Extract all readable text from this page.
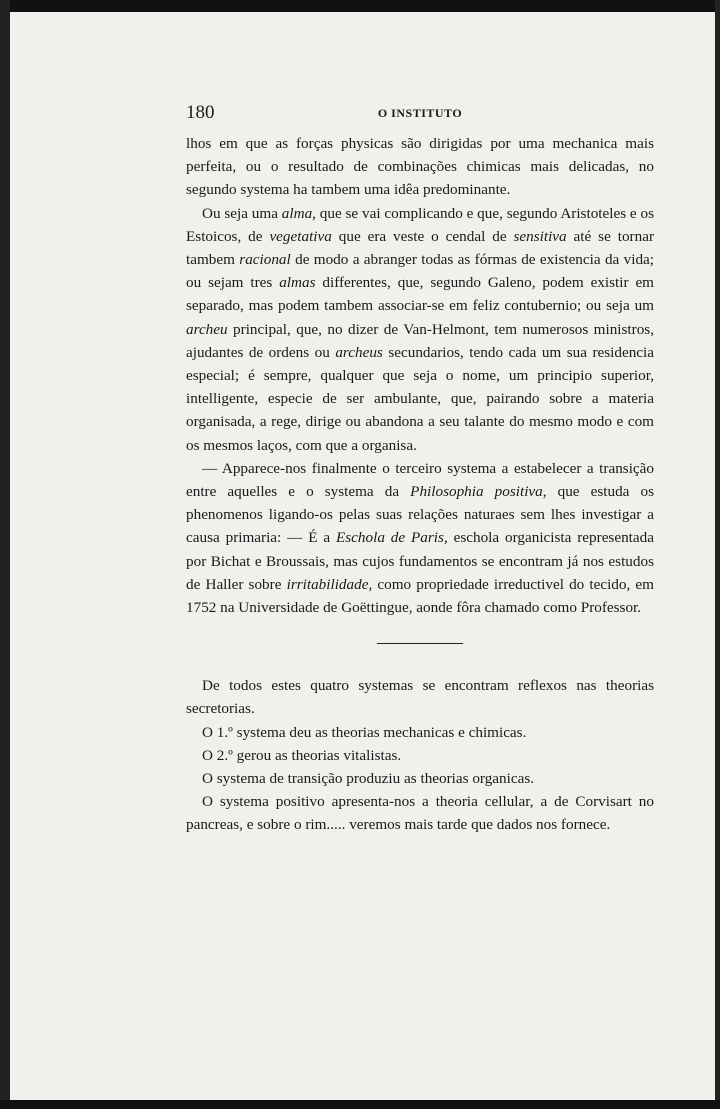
180	O INSTITUTO

lhos em que as forças physicas são dirigidas por uma mechanica mais perfeita, ou o resultado de combinações chimicas mais delicadas, no segundo systema ha tambem uma idêa predominante.

Ou seja uma alma, que se vai complicando e que, segundo Aristoteles e os Estoicos, de vegetativa que era veste o cendal de sensitiva até se tornar tambem racional de modo a abranger todas as fórmas de existencia da vida; ou sejam tres almas differentes, que, segundo Galeno, podem existir em separado, mas podem tambem associar-se em feliz contubernio; ou seja um archeu principal, que, no dizer de Van-Helmont, tem numerosos ministros, ajudantes de ordens ou archeus secundarios, tendo cada um sua residencia especial; é sempre, qualquer que seja o nome, um principio superior, intelligente, especie de ser ambulante, que, pairando sobre a materia organisada, a rege, dirige ou abandona a seu talante do mesmo modo e com os mesmos laços, com que a organisa.

— Apparece-nos finalmente o terceiro systema a estabelecer a transição entre aquelles e o systema da Philosophia positiva, que estuda os phenomenos ligando-os pelas suas relações naturaes sem lhes investigar a causa primaria: — É a Eschola de Paris, eschola organicista representada por Bichat e Broussais, mas cujos fundamentos se encontram já nos estudos de Haller sobre irritabilidade, como propriedade irreductivel do tecido, em 1752 na Universidade de Goëttingue, aonde fôra chamado como Professor.

De todos estes quatro systemas se encontram reflexos nas theorias secretorias.

O 1.º systema deu as theorias mechanicas e chimicas.

O 2.º gerou as theorias vitalistas.

O systema de transição produziu as theorias organicas.

O systema positivo apresenta-nos a theoria cellular, a de Corvisart no pancreas, e sobre o rim..... veremos mais tarde que dados nos fornece.
